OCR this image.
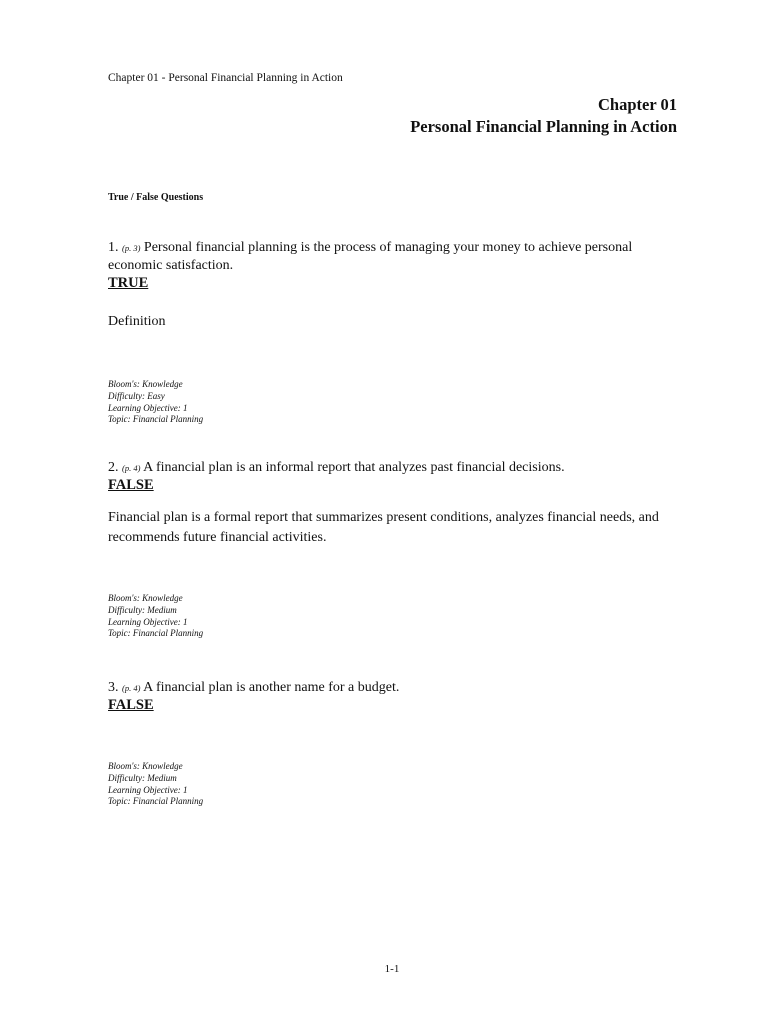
Chapter 01 - Personal Financial Planning in Action
Chapter 01
Personal Financial Planning in Action
True / False Questions
1. (p. 3) Personal financial planning is the process of managing your money to achieve personal economic satisfaction.
TRUE
Definition
Bloom's: Knowledge
Difficulty: Easy
Learning Objective: 1
Topic: Financial Planning
2. (p. 4) A financial plan is an informal report that analyzes past financial decisions.
FALSE
Financial plan is a formal report that summarizes present conditions, analyzes financial needs, and recommends future financial activities.
Bloom's: Knowledge
Difficulty: Medium
Learning Objective: 1
Topic: Financial Planning
3. (p. 4) A financial plan is another name for a budget.
FALSE
Bloom's: Knowledge
Difficulty: Medium
Learning Objective: 1
Topic: Financial Planning
1-1
